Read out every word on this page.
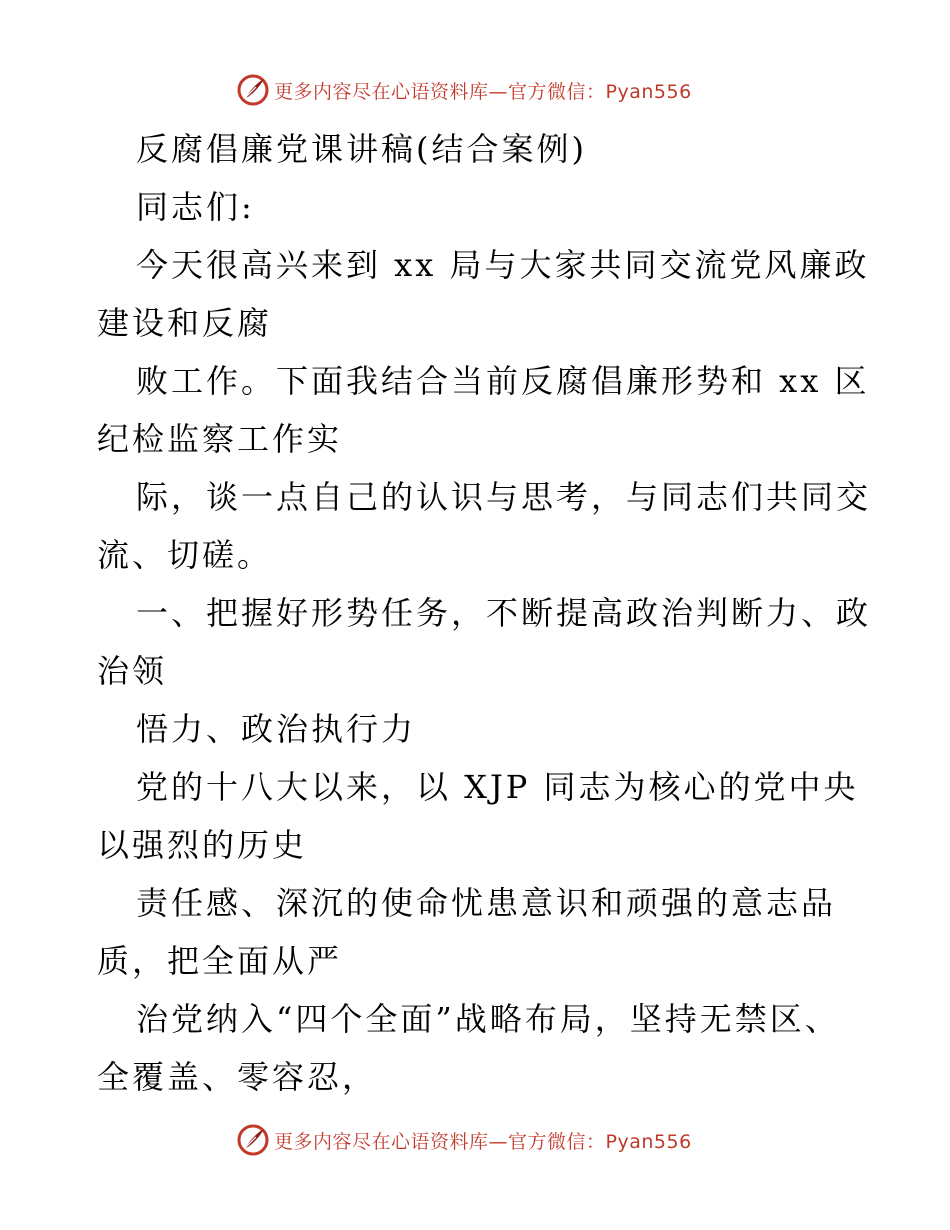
更多内容尽在心语资料库—官方微信：Pyan556
反腐倡廉党课讲稿(结合案例)
同志们:
今天很高兴来到 xx 局与大家共同交流党风廉政
建设和反腐
败工作。下面我结合当前反腐倡廉形势和 xx 区
纪检监察工作实
际，谈一点自己的认识与思考，与同志们共同交
流、切磋。
一、把握好形势任务，不断提高政治判断力、政
治领
悟力、政治执行力
党的十八大以来，以 XJP 同志为核心的党中央
以强烈的历史
责任感、深沉的使命忧患意识和顽强的意志品
质，把全面从严
治党纳入“四个全面”战略布局，坚持无禁区、
全覆盖、零容忍，
更多内容尽在心语资料库—官方微信：Pyan556
